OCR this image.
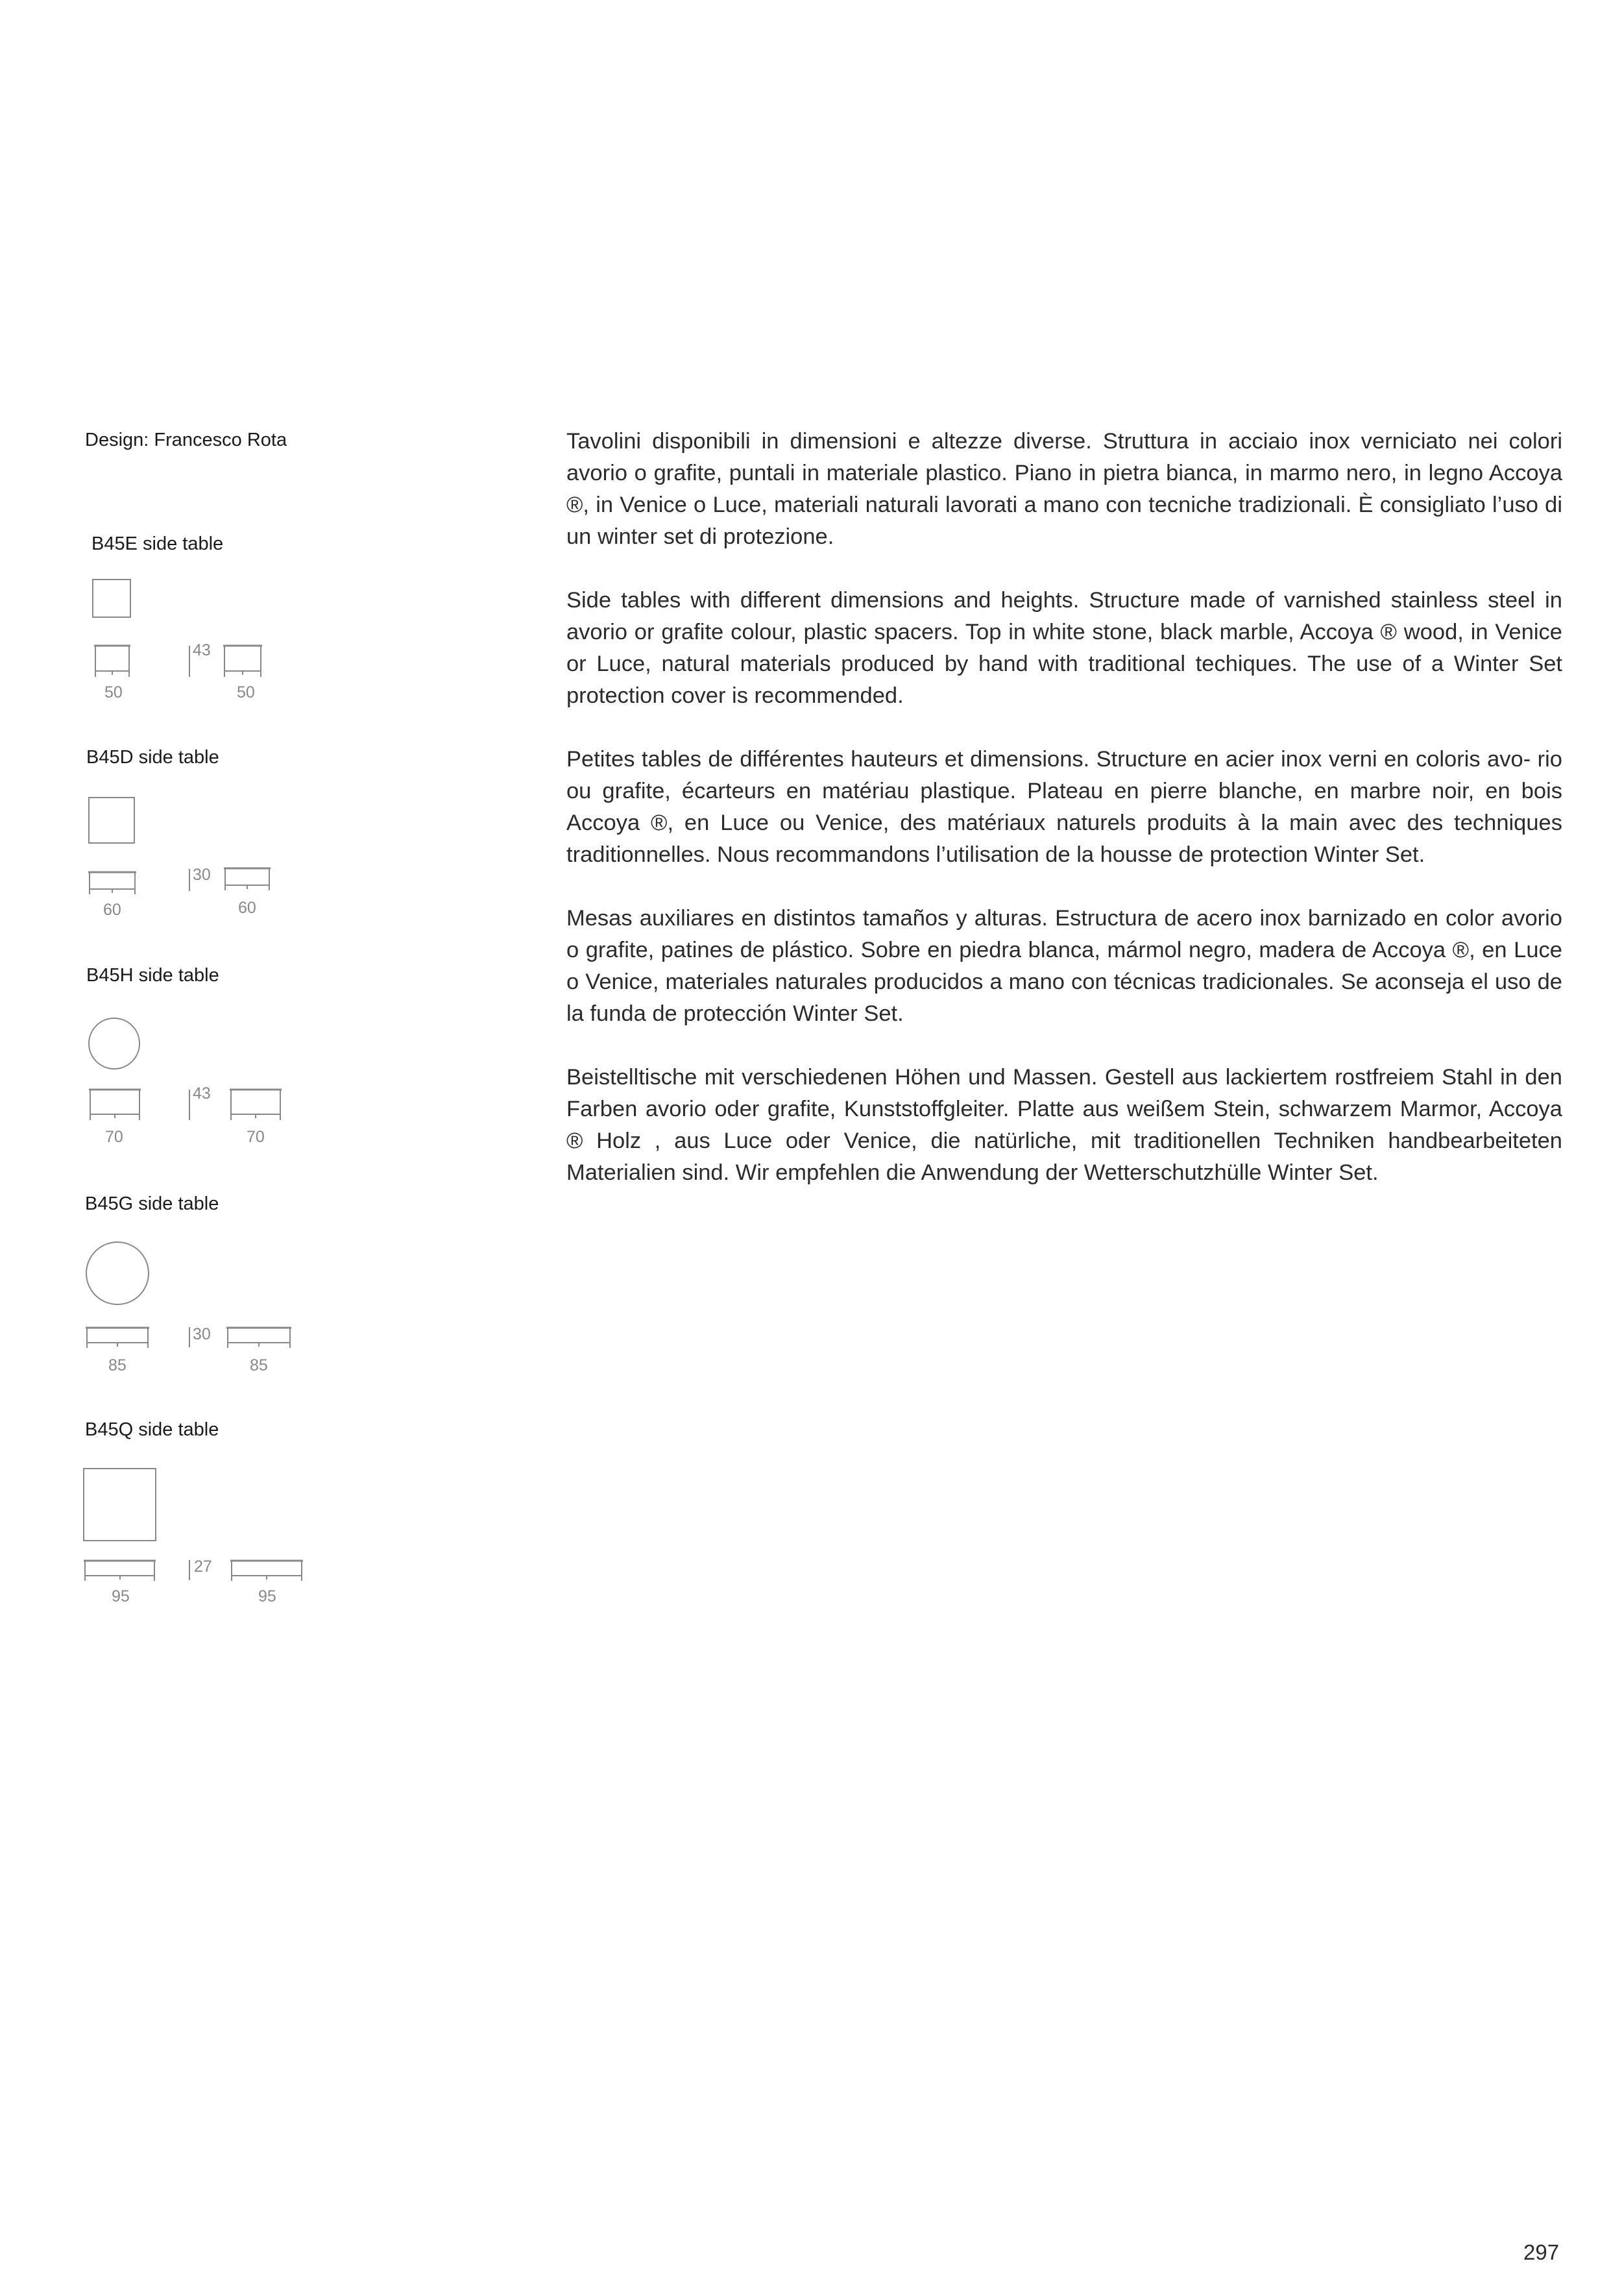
Design: Francesco Rota
B45E side table
B45D side table
B45H side table
B45G side table
B45Q side table
43
50	50
30
60	60
43
70	70
30
85	85
27
95	95

Tavolini disponibili in dimensioni e altezze diverse. Struttura in acciaio inox verniciato nei colori avorio o grafite, puntali in materiale plastico. Piano in pietra bianca, in marmo nero, in legno Accoya ®, in Venice o Luce, materiali naturali lavorati a mano con tecniche tradizionali. È consigliato l’uso di un winter set di protezione.

Side tables with different dimensions and heights. Structure made of varnished stainless steel in avorio or grafite colour, plastic spacers. Top in white stone, black marble, Accoya ® wood, in Venice or Luce, natural materials produced by hand with traditional techiques. The use of a Winter Set protection cover is recommended.

Petites tables de différentes hauteurs et dimensions. Structure en acier inox verni en coloris avo- rio ou grafite, écarteurs en matériau plastique. Plateau en pierre blanche, en marbre noir, en bois Accoya ®, en Luce ou Venice, des matériaux naturels produits à la main avec des techniques traditionnelles. Nous recommandons l’utilisation de la housse de protection Winter Set.

Mesas auxiliares en distintos tamaños y alturas. Estructura de acero inox barnizado en color avorio o grafite, patines de plástico. Sobre en piedra blanca, mármol negro, madera de Accoya ®, en Luce o Venice, materiales naturales producidos a mano con técnicas tradicionales. Se aconseja el uso de la funda de protección Winter Set.

Beistelltische mit verschiedenen Höhen und Massen. Gestell aus lackiertem rostfreiem Stahl in den Farben avorio oder grafite, Kunststoffgleiter. Platte aus weißem Stein, schwarzem Marmor, Accoya ® Holz , aus Luce oder Venice, die natürliche, mit traditionellen Techniken handbearbeiteten Materialien sind. Wir empfehlen die Anwendung der Wetterschutzhülle Winter Set.

297
